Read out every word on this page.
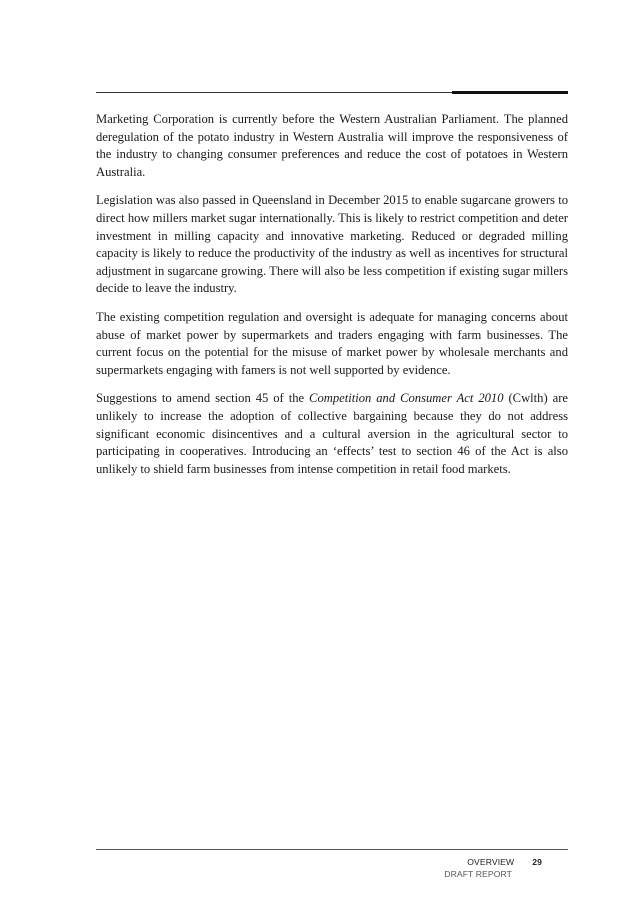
Marketing Corporation is currently before the Western Australian Parliament. The planned deregulation of the potato industry in Western Australia will improve the responsiveness of the industry to changing consumer preferences and reduce the cost of potatoes in Western Australia.

Legislation was also passed in Queensland in December 2015 to enable sugarcane growers to direct how millers market sugar internationally. This is likely to restrict competition and deter investment in milling capacity and innovative marketing. Reduced or degraded milling capacity is likely to reduce the productivity of the industry as well as incentives for structural adjustment in sugarcane growing. There will also be less competition if existing sugar millers decide to leave the industry.

The existing competition regulation and oversight is adequate for managing concerns about abuse of market power by supermarkets and traders engaging with farm businesses. The current focus on the potential for the misuse of market power by wholesale merchants and supermarkets engaging with famers is not well supported by evidence.

Suggestions to amend section 45 of the Competition and Consumer Act 2010 (Cwlth) are unlikely to increase the adoption of collective bargaining because they do not address significant economic disincentives and a cultural aversion in the agricultural sector to participating in cooperatives. Introducing an ‘effects’ test to section 46 of the Act is also unlikely to shield farm businesses from intense competition in retail food markets.

OVERVIEW 29
DRAFT REPORT
